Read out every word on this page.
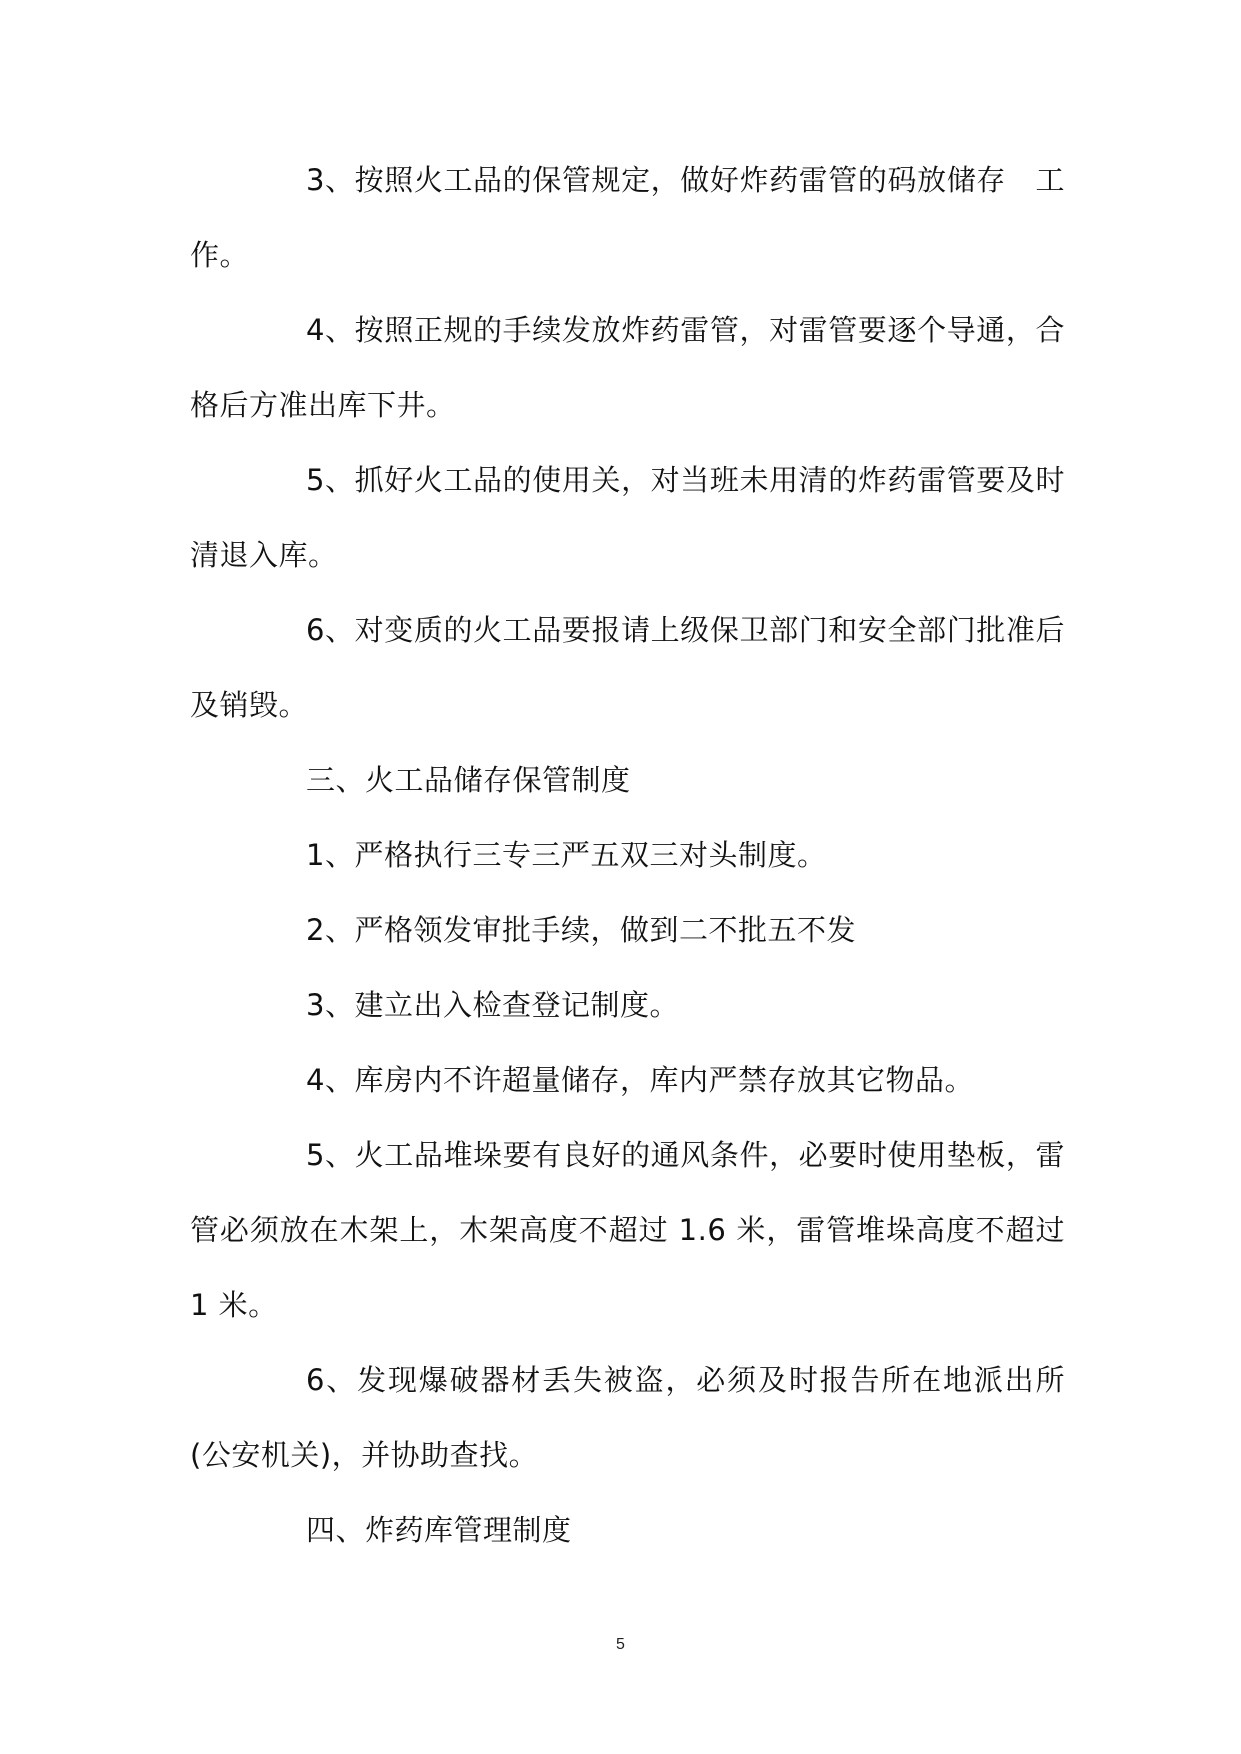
3、按照火工品的保管规定，做好炸药雷管的码放储存　工作。

4、按照正规的手续发放炸药雷管，对雷管要逐个导通，合格后方准出库下井。

5、抓好火工品的使用关，对当班未用清的炸药雷管要及时清退入库。

6、对变质的火工品要报请上级保卫部门和安全部门批准后及销毁。

三、火工品储存保管制度

1、严格执行三专三严五双三对头制度。

2、严格领发审批手续，做到二不批五不发

3、建立出入检查登记制度。

4、库房内不许超量储存，库内严禁存放其它物品。

5、火工品堆垛要有良好的通风条件，必要时使用垫板，雷管必须放在木架上，木架高度不超过 1.6 米，雷管堆垛高度不超过 1 米。

6、发现爆破器材丢失被盗，必须及时报告所在地派出所(公安机关)，并协助查找。

四、炸药库管理制度

5
